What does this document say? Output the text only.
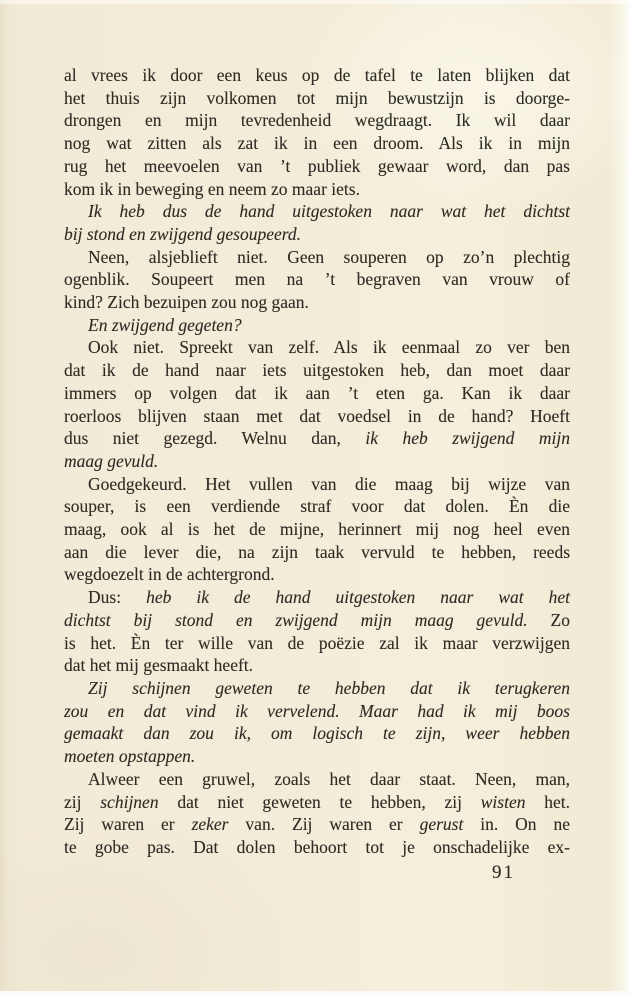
al vrees ik door een keus op de tafel te laten blijken dat
het thuis zijn volkomen tot mijn bewustzijn is doorge-
drongen en mijn tevredenheid wegdraagt. Ik wil daar
nog wat zitten als zat ik in een droom. Als ik in mijn
rug het meevoelen van ’t publiek gewaar word, dan pas
kom ik in beweging en neem zo maar iets.
Ik heb dus de hand uitgestoken naar wat het dichtst
bij stond en zwijgend gesoupeerd.
Neen, alsjeblieft niet. Geen souperen op zo’n plechtig
ogenblik. Soupeert men na ’t begraven van vrouw of
kind? Zich bezuipen zou nog gaan.
En zwijgend gegeten?
Ook niet. Spreekt van zelf. Als ik eenmaal zo ver ben
dat ik de hand naar iets uitgestoken heb, dan moet daar
immers op volgen dat ik aan ’t eten ga. Kan ik daar
roerloos blijven staan met dat voedsel in de hand? Hoeft
dus niet gezegd. Welnu dan, ik heb zwijgend mijn
maag gevuld.
Goedgekeurd. Het vullen van die maag bij wijze van
souper, is een verdiende straf voor dat dolen. Èn die
maag, ook al is het de mijne, herinnert mij nog heel even
aan die lever die, na zijn taak vervuld te hebben, reeds
wegdoezelt in de achtergrond.
Dus: heb ik de hand uitgestoken naar wat het
dichtst bij stond en zwijgend mijn maag gevuld. Zo
is het. Èn ter wille van de poëzie zal ik maar verzwijgen
dat het mij gesmaakt heeft.
Zij schijnen geweten te hebben dat ik terugkeren
zou en dat vind ik vervelend. Maar had ik mij boos
gemaakt dan zou ik, om logisch te zijn, weer hebben
moeten opstappen.
Alweer een gruwel, zoals het daar staat. Neen, man,
zij schijnen dat niet geweten te hebben, zij wisten het.
Zij waren er zeker van. Zij waren er gerust in. On ne
te gobe pas. Dat dolen behoort tot je onschadelijke ex-
91
